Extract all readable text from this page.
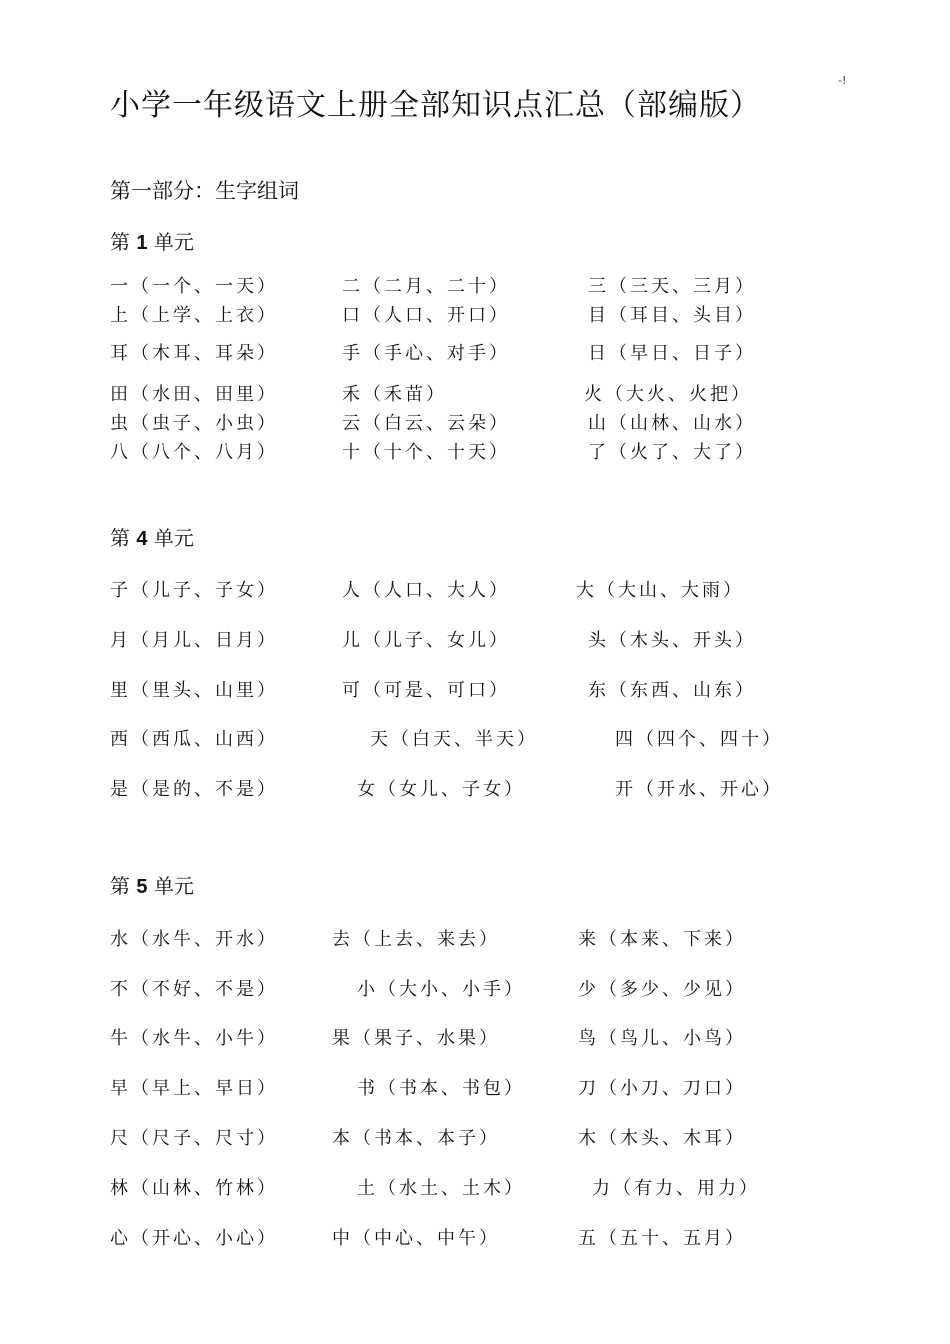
小学一年级语文上册全部知识点汇总（部编版）
-!
第一部分：生字组词
第 1 单元
一（一个、一天）	二（二月、二十）	三（三天、三月）
上（上学、上衣）	口（人口、开口）	目（耳目、头目）
耳（木耳、耳朵）	手（手心、对手）	日（早日、日子）
田（水田、田里）	禾（禾苗）	火（大火、火把）
虫（虫子、小虫）	云（白云、云朵）	山（山林、山水）
八（八个、八月）	十（十个、十天）	了（火了、大了）
第 4 单元
子（儿子、子女）	人（人口、大人）	大（大山、大雨）
月（月儿、日月）	儿（儿子、女儿）	头（木头、开头）
里（里头、山里）	可（可是、可口）	东（东西、山东）
西（西瓜、山西）	天（白天、半天）	四（四个、四十）
是（是的、不是）	女（女儿、子女）	开（开水、开心）
第 5 单元
水（水牛、开水）	去（上去、来去）	来（本来、下来）
不（不好、不是）	小（大小、小手）	少（多少、少见）
牛（水牛、小牛）	果（果子、水果）	鸟（鸟儿、小鸟）
早（早上、早日）	书（书本、书包）	刀（小刀、刀口）
尺（尺子、尺寸）	本（书本、本子）	木（木头、木耳）
林（山林、竹林）	土（水土、土木）	力（有力、用力）
心（开心、小心）	中（中心、中午）	五（五十、五月）
